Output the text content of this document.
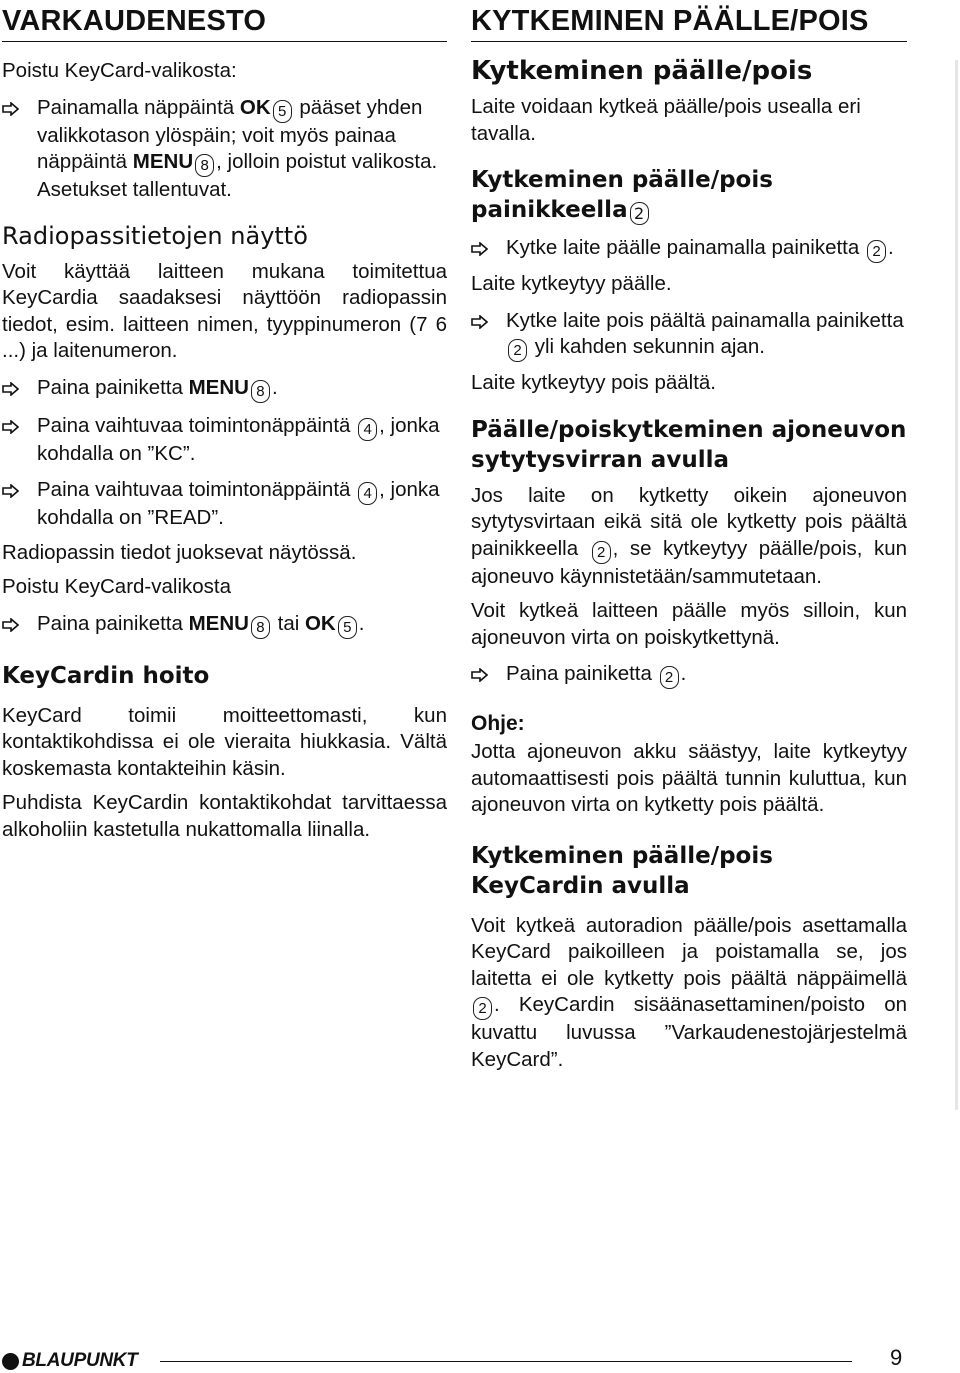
VARKAUDENESTO

Poistu KeyCard-valikosta:

Painamalla näppäintä OK 5 pääset yhden valikkotason ylöspäin; voit myös painaa näppäintä MENU 8 , jolloin poistut valikosta. Asetukset tallentuvat.
Radiopassitietojen näyttö

Voit käyttää laitteen mukana toimitettua KeyCardia saadaksesi näyttöön radiopassin tiedot, esim. laitteen nimen, tyyppinumeron (7 6 ...) ja laitenumeron.

Paina painiketta MENU 8 .
Paina vaihtuvaa toimintonäppäintä 4 , jonka kohdalla on ”KC”.
Paina vaihtuvaa toimintonäppäintä 4 , jonka kohdalla on ”READ”.

Radiopassin tiedot juoksevat näytössä.

Poistu KeyCard-valikosta

Paina painiketta MENU 8 tai OK 5 .
KeyCardin hoito

KeyCard toimii moitteettomasti, kun kontaktikohdissa ei ole vieraita hiukkasia. Vältä koskemasta kontakteihin käsin.

Puhdista KeyCardin kontaktikohdat tarvittaessa alkoholiin kastetulla nukattomalla liinalla.

KYTKEMINEN PÄÄLLE/POIS
Kytkeminen päälle/pois

Laite voidaan kytkeä päälle/pois usealla eri tavalla.

Kytkeminen päälle/pois painikkeella 2
Kytke laite päälle painamalla painiketta 2 .

Laite kytkeytyy päälle.

Kytke laite pois päältä painamalla painiketta 2 yli kahden sekunnin ajan.

Laite kytkeytyy pois päältä.

Päälle/poiskytkeminen ajoneuvon sytytysvirran avulla

Jos laite on kytketty oikein ajoneuvon sytytysvirtaan eikä sitä ole kytketty pois päältä painikkeella 2 , se kytkeytyy päälle/pois, kun ajoneuvo käynnistetään/sammutetaan.

Voit kytkeä laitteen päälle myös silloin, kun ajoneuvon virta on poiskytkettynä.

Paina painiketta 2 .
Ohje:

Jotta ajoneuvon akku säästyy, laite kytkeytyy automaattisesti pois päältä tunnin kuluttua, kun ajoneuvon virta on kytketty pois päältä.

Kytkeminen päälle/pois KeyCardin avulla

Voit kytkeä autoradion päälle/pois asettamalla KeyCard paikoilleen ja poistamalla se, jos laitetta ei ole kytketty pois päältä näppäimellä 2 . KeyCardin sisäänasettaminen/poisto on kuvattu luvussa ”Varkaudenestojärjestelmä KeyCard”.

BLAUPUNKT	9
